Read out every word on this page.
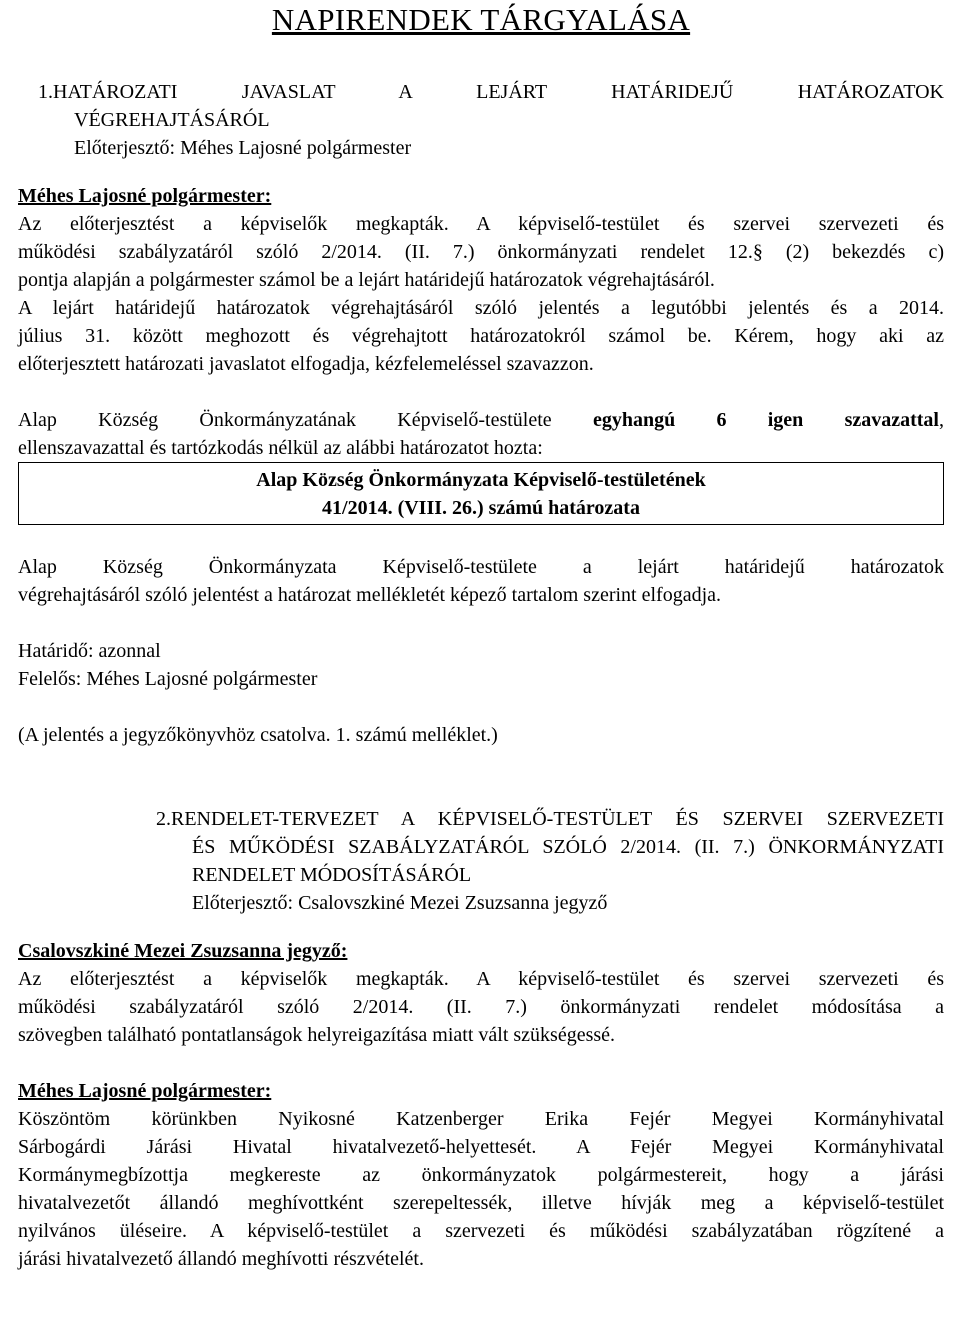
NAPIRENDEK TÁRGYALÁSA

1.HATÁROZATI JAVASLAT A LEJÁRT HATÁRIDEJŰ HATÁROZATOK

VÉGREHAJTÁSÁRÓL

Előterjesztő: Méhes Lajosné polgármester

Méhes Lajosné polgármester:

Az előterjesztést a képviselők megkapták. A képviselő-testület és szervei szervezeti és

működési szabályzatáról szóló 2/2014. (II. 7.) önkormányzati rendelet 12.§ (2) bekezdés c)

pontja alapján a polgármester számol be a lejárt határidejű határozatok végrehajtásáról.

A lejárt határidejű határozatok végrehajtásáról szóló jelentés a legutóbbi jelentés és a 2014.

július 31. között meghozott és végrehajtott határozatokról számol be. Kérem, hogy aki az

előterjesztett határozati javaslatot elfogadja, kézfelemeléssel szavazzon.

Alap Község Önkormányzatának Képviselő-testülete egyhangú 6 igen szavazattal,

ellenszavazattal és tartózkodás nélkül az alábbi határozatot hozta:

Alap Község Önkormányzata Képviselő-testületének

41/2014. (VIII. 26.) számú határozata

Alap Község Önkormányzata Képviselő-testülete a lejárt határidejű határozatok

végrehajtásáról szóló jelentést a határozat mellékletét képező tartalom szerint elfogadja.

Határidő: azonnal

Felelős: Méhes Lajosné polgármester

(A jelentés a jegyzőkönyvhöz csatolva. 1. számú melléklet.)

2.RENDELET-TERVEZET A KÉPVISELŐ-TESTÜLET ÉS SZERVEI SZERVEZETI

ÉS MŰKÖDÉSI SZABÁLYZATÁRÓL SZÓLÓ 2/2014. (II. 7.) ÖNKORMÁNYZATI

RENDELET MÓDOSÍTÁSÁRÓL

Előterjesztő: Csalovszkiné Mezei Zsuzsanna jegyző

Csalovszkiné Mezei Zsuzsanna jegyző:

Az előterjesztést a képviselők megkapták. A képviselő-testület és szervei szervezeti és

működési szabályzatáról szóló 2/2014. (II. 7.) önkormányzati rendelet módosítása a

szövegben található pontatlanságok helyreigazítása miatt vált szükségessé.

Méhes Lajosné polgármester:

Köszöntöm körünkben Nyikosné Katzenberger Erika Fejér Megyei Kormányhivatal

Sárbogárdi Járási Hivatal hivatalvezető-helyettesét. A Fejér Megyei Kormányhivatal

Kormánymegbízottja megkereste az önkormányzatok polgármestereit, hogy a járási

hivatalvezetőt állandó meghívottként szerepeltessék, illetve hívják meg a képviselő-testület

nyilvános üléseire. A képviselő-testület a szervezeti és működési szabályzatában rögzítené a

járási hivatalvezető állandó meghívotti részvételét.
